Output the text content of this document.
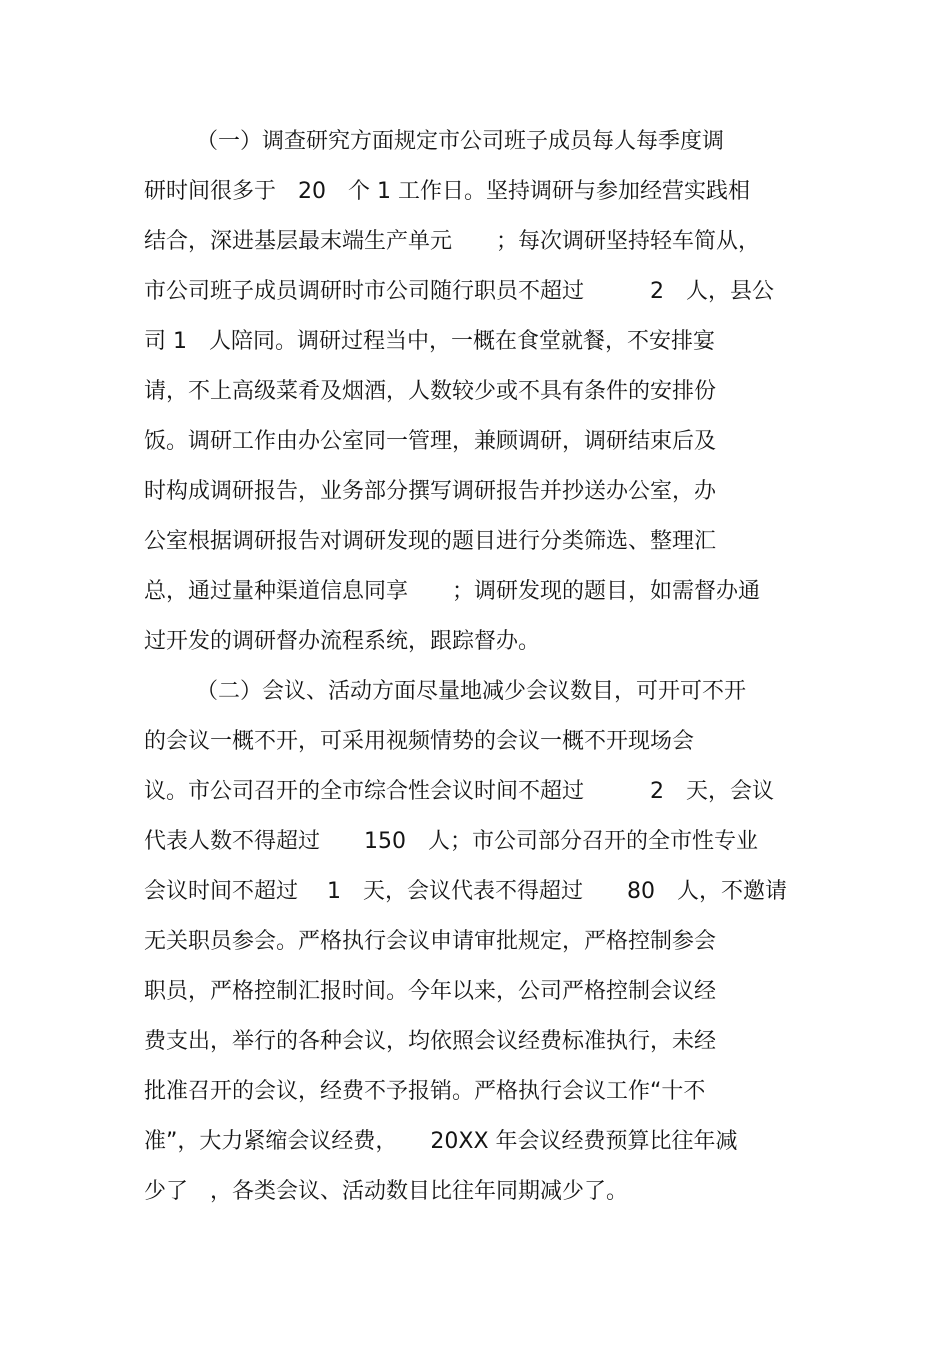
（一）调查研究方面规定市公司班子成员每人每季度调
研时间很多于　20　个 1 工作日。坚持调研与参加经营实践相
结合，深进基层最末端生产单元　　；每次调研坚持轻车简从，
市公司班子成员调研时市公司随行职员不超过　　　2　人，县公
司 1　人陪同。调研过程当中，一概在食堂就餐，不安排宴
请，不上高级菜肴及烟酒，人数较少或不具有条件的安排份
饭。调研工作由办公室同一管理，兼顾调研，调研结束后及
时构成调研报告，业务部分撰写调研报告并抄送办公室，办
公室根据调研报告对调研发现的题目进行分类筛选、整理汇
总，通过量种渠道信息同享　　；调研发现的题目，如需督办通
过开发的调研督办流程系统，跟踪督办。
（二）会议、活动方面尽量地减少会议数目，可开可不开
的会议一概不开，可采用视频情势的会议一概不开现场会
议。市公司召开的全市综合性会议时间不超过　　　2　天，会议
代表人数不得超过　　150　人；市公司部分召开的全市性专业
会议时间不超过　 1　天，会议代表不得超过　　80　人，不邀请
无关职员参会。严格执行会议申请审批规定，严格控制参会
职员，严格控制汇报时间。今年以来，公司严格控制会议经
费支出，举行的各种会议，均依照会议经费标准执行，未经
批准召开的会议，经费不予报销。严格执行会议工作“十不
准”，大力紧缩会议经费，　　20XX 年会议经费预算比往年减
少了　，各类会议、活动数目比往年同期减少了。
